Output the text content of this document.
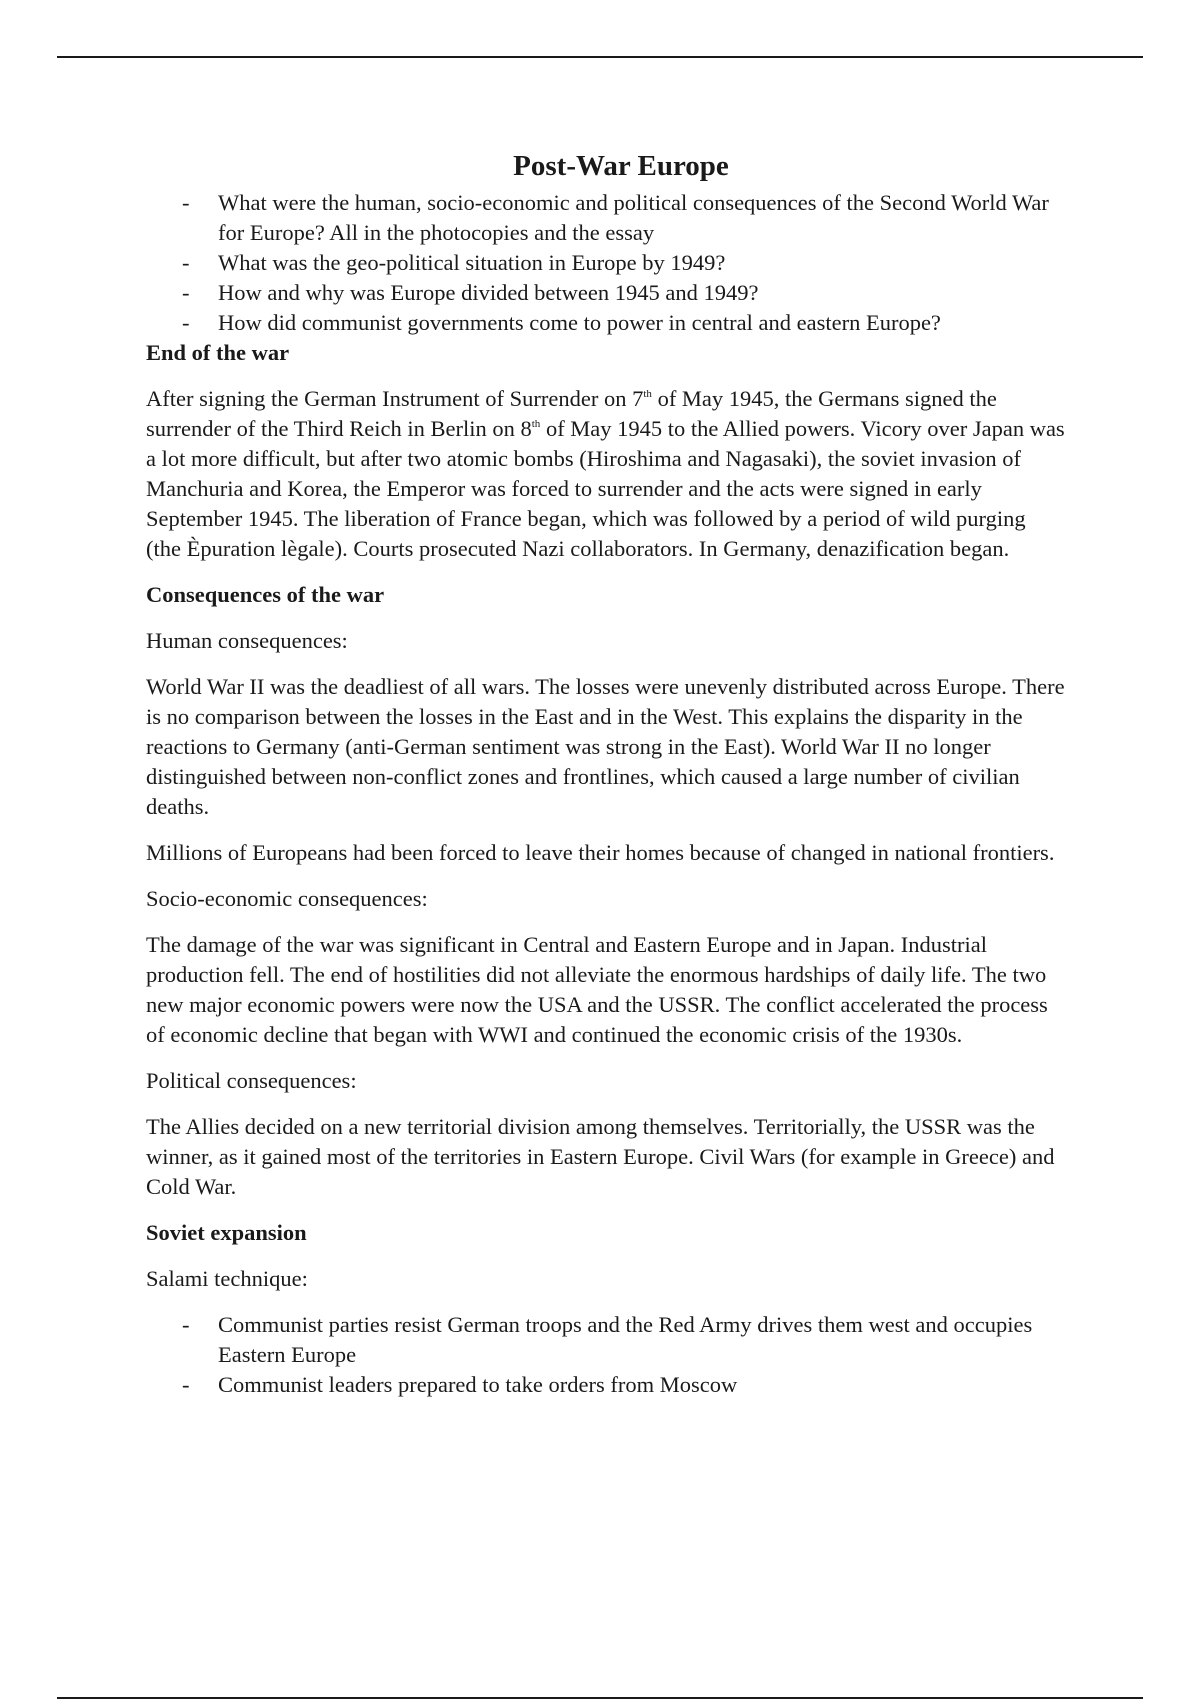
Post-War Europe
- What were the human, socio-economic and political consequences of the Second World War for Europe? All in the photocopies and the essay
- What was the geo-political situation in Europe by 1949?
- How and why was Europe divided between 1945 and 1949?
- How did communist governments come to power in central and eastern Europe?
End of the war

After signing the German Instrument of Surrender on 7th of May 1945, the Germans signed the surrender of the Third Reich in Berlin on 8th of May 1945 to the Allied powers. Vicory over Japan was a lot more difficult, but after two atomic bombs (Hiroshima and Nagasaki), the soviet invasion of Manchuria and Korea, the Emperor was forced to surrender and the acts were signed in early September 1945. The liberation of France began, which was followed by a period of wild purging (the Èpuration lègale). Courts prosecuted Nazi collaborators. In Germany, denazification began.

Consequences of the war

Human consequences:

World War II was the deadliest of all wars. The losses were unevenly distributed across Europe. There is no comparison between the losses in the East and in the West. This explains the disparity in the reactions to Germany (anti-German sentiment was strong in the East). World War II no longer distinguished between non-conflict zones and frontlines, which caused a large number of civilian deaths.

Millions of Europeans had been forced to leave their homes because of changed in national frontiers.

Socio-economic consequences:

The damage of the war was significant in Central and Eastern Europe and in Japan. Industrial production fell. The end of hostilities did not alleviate the enormous hardships of daily life. The two new major economic powers were now the USA and the USSR. The conflict accelerated the process of economic decline that began with WWI and continued the economic crisis of the 1930s.

Political consequences:

The Allies decided on a new territorial division among themselves. Territorially, the USSR was the winner, as it gained most of the territories in Eastern Europe. Civil Wars (for example in Greece) and Cold War.

Soviet expansion

Salami technique:

- Communist parties resist German troops and the Red Army drives them west and occupies Eastern Europe
- Communist leaders prepared to take orders from Moscow
